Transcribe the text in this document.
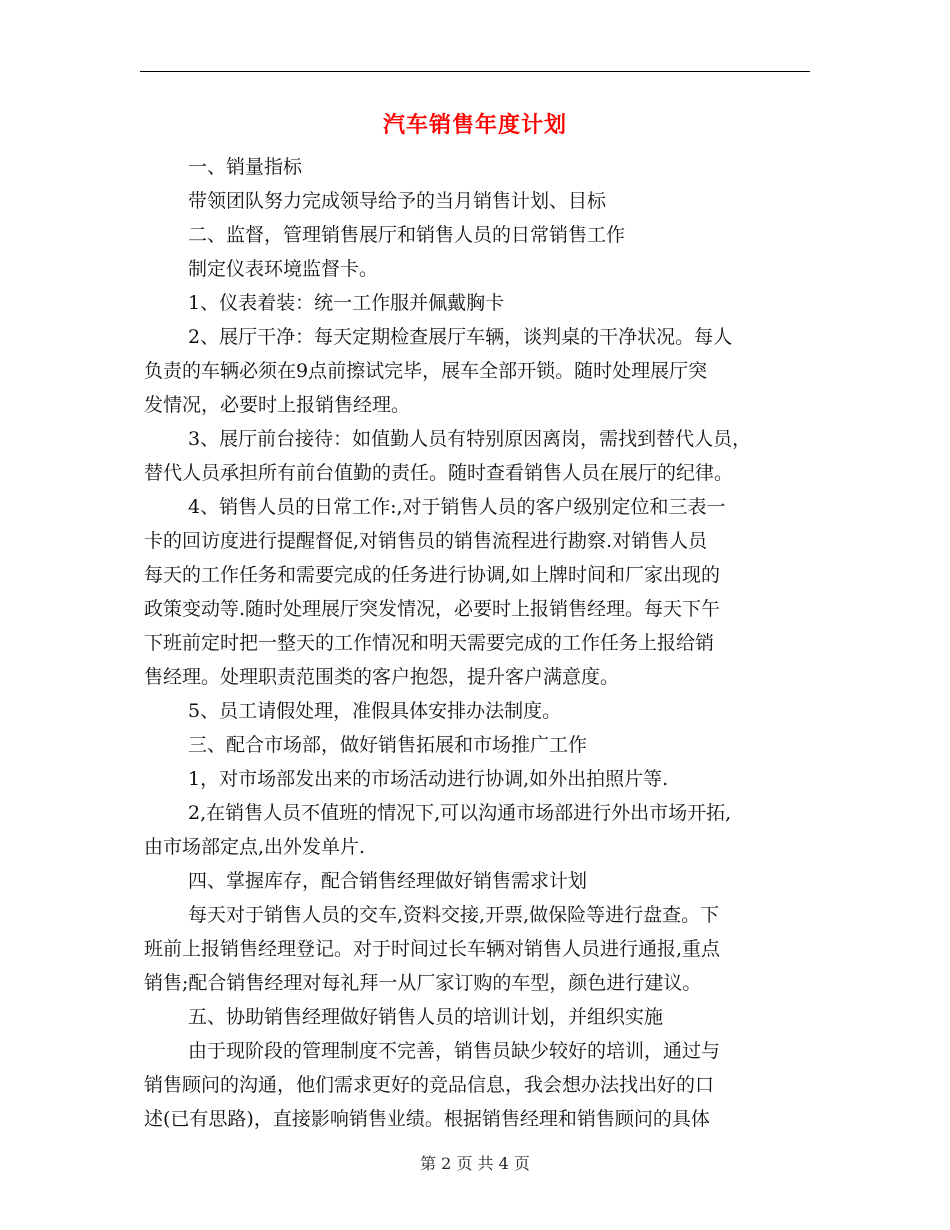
汽车销售年度计划
一、销量指标
带领团队努力完成领导给予的当月销售计划、目标
二、监督，管理销售展厅和销售人员的日常销售工作
制定仪表环境监督卡。
1、仪表着装：统一工作服并佩戴胸卡
2、展厅干净：每天定期检查展厅车辆，谈判桌的干净状况。每人
负责的车辆必须在9点前擦试完毕，展车全部开锁。随时处理展厅突
发情况，必要时上报销售经理。
3、展厅前台接待：如值勤人员有特别原因离岗，需找到替代人员，
替代人员承担所有前台值勤的责任。随时查看销售人员在展厅的纪律。
4、销售人员的日常工作:,对于销售人员的客户级别定位和三表一
卡的回访度进行提醒督促,对销售员的销售流程进行勘察.对销售人员
每天的工作任务和需要完成的任务进行协调,如上牌时间和厂家出现的
政策变动等.随时处理展厅突发情况，必要时上报销售经理。每天下午
下班前定时把一整天的工作情况和明天需要完成的工作任务上报给销
售经理。处理职责范围类的客户抱怨，提升客户满意度。
5、员工请假处理，准假具体安排办法制度。
三、配合市场部，做好销售拓展和市场推广工作
1，对市场部发出来的市场活动进行协调,如外出拍照片等.
2,在销售人员不值班的情况下,可以沟通市场部进行外出市场开拓,
由市场部定点,出外发单片.
四、掌握库存，配合销售经理做好销售需求计划
每天对于销售人员的交车,资料交接,开票,做保险等进行盘查。下
班前上报销售经理登记。对于时间过长车辆对销售人员进行通报,重点
销售;配合销售经理对每礼拜一从厂家订购的车型，颜色进行建议。
五、协助销售经理做好销售人员的培训计划，并组织实施
由于现阶段的管理制度不完善，销售员缺少较好的培训，通过与
销售顾问的沟通，他们需求更好的竞品信息，我会想办法找出好的口
述(已有思路)，直接影响销售业绩。根据销售经理和销售顾问的具体
第 2 页 共 4 页
